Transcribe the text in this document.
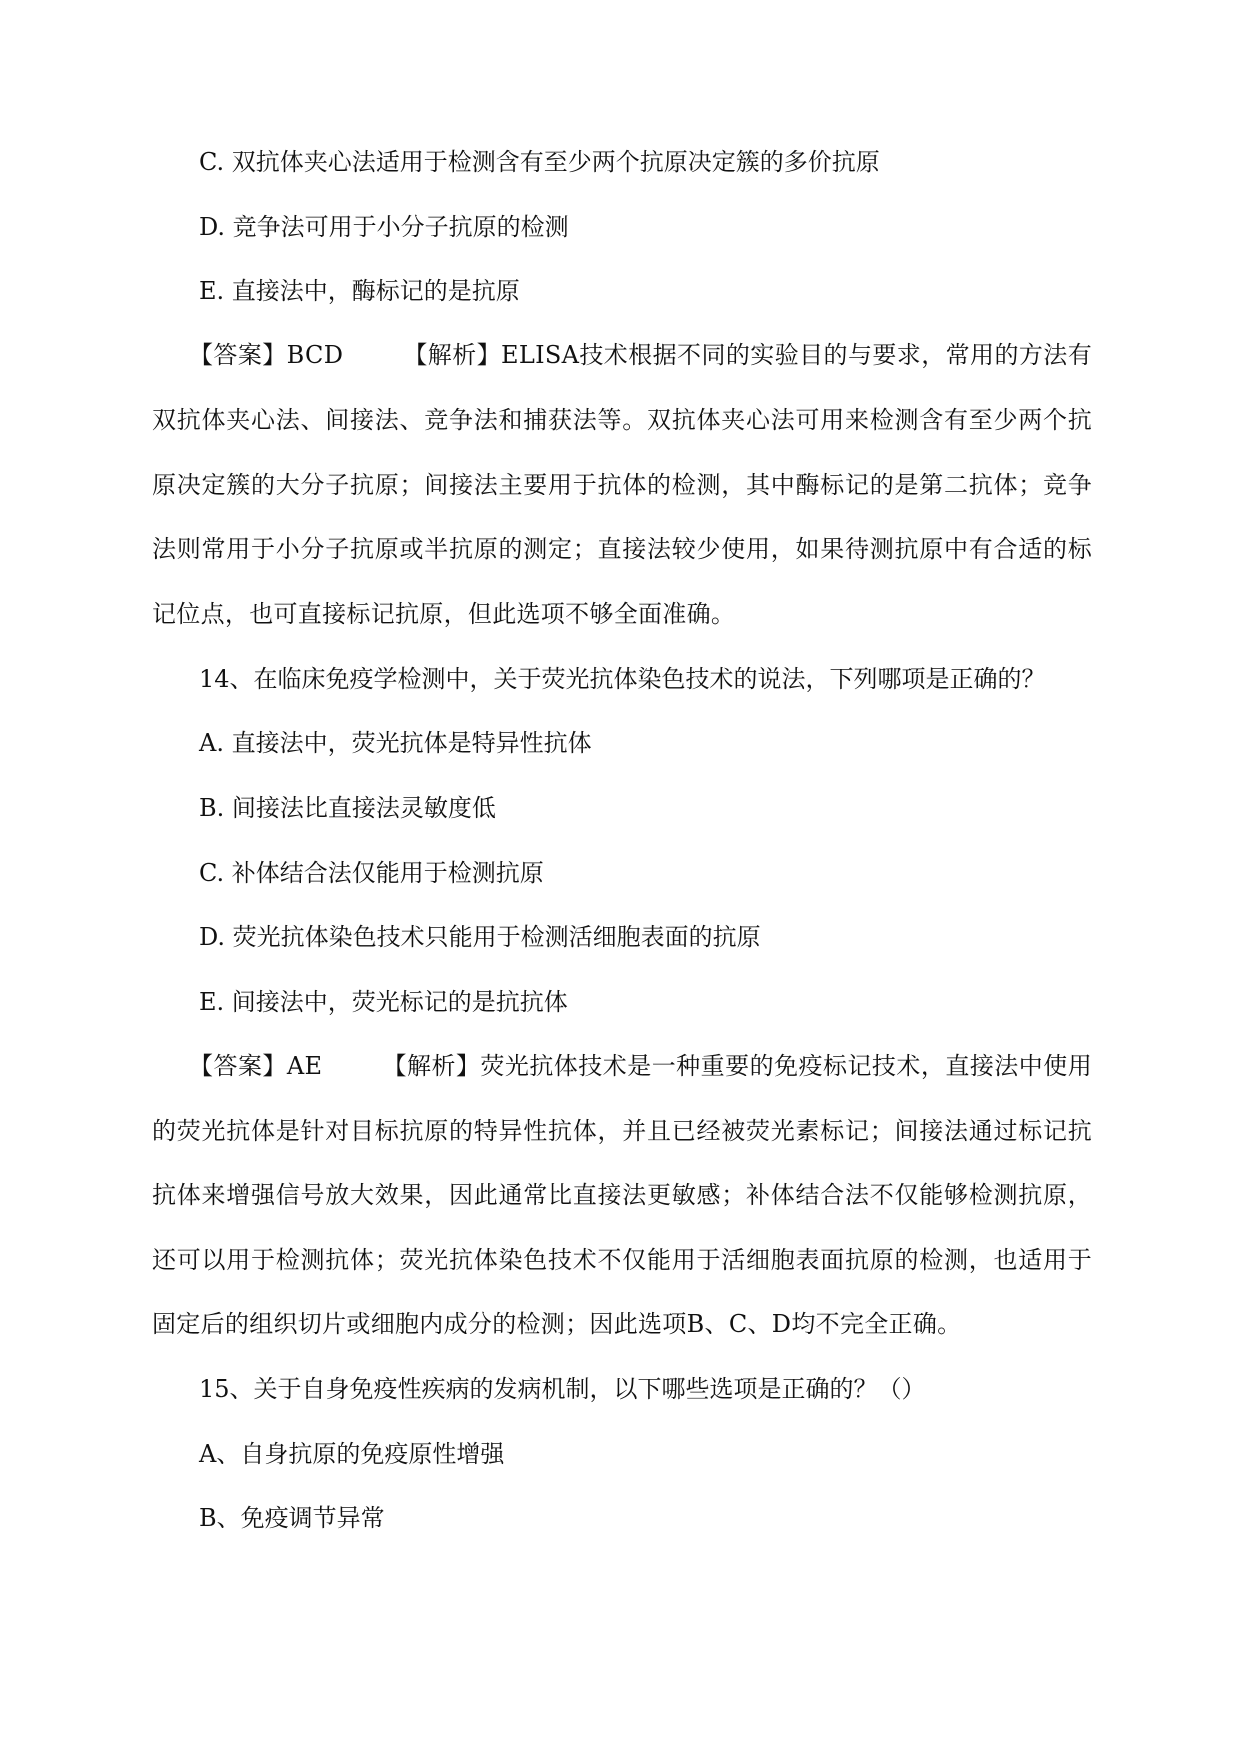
C. 双抗体夹心法适用于检测含有至少两个抗原决定簇的多价抗原
D. 竞争法可用于小分子抗原的检测
E. 直接法中，酶标记的是抗原
【答案】BCD	【解析】ELISA技术根据不同的实验目的与要求，常用的方法有双抗体夹心法、间接法、竞争法和捕获法等。双抗体夹心法可用来检测含有至少两个抗原决定簇的大分子抗原；间接法主要用于抗体的检测，其中酶标记的是第二抗体；竞争法则常用于小分子抗原或半抗原的测定；直接法较少使用，如果待测抗原中有合适的标记位点，也可直接标记抗原，但此选项不够全面准确。
14、在临床免疫学检测中，关于荧光抗体染色技术的说法，下列哪项是正确的？
A. 直接法中，荧光抗体是特异性抗体
B. 间接法比直接法灵敏度低
C. 补体结合法仅能用于检测抗原
D. 荧光抗体染色技术只能用于检测活细胞表面的抗原
E. 间接法中，荧光标记的是抗抗体
【答案】AE	【解析】荧光抗体技术是一种重要的免疫标记技术，直接法中使用的荧光抗体是针对目标抗原的特异性抗体，并且已经被荧光素标记；间接法通过标记抗抗体来增强信号放大效果，因此通常比直接法更敏感；补体结合法不仅能够检测抗原，还可以用于检测抗体；荧光抗体染色技术不仅能用于活细胞表面抗原的检测，也适用于固定后的组织切片或细胞内成分的检测；因此选项B、C、D均不完全正确。
15、关于自身免疫性疾病的发病机制，以下哪些选项是正确的？（）
A、自身抗原的免疫原性增强
B、免疫调节异常
